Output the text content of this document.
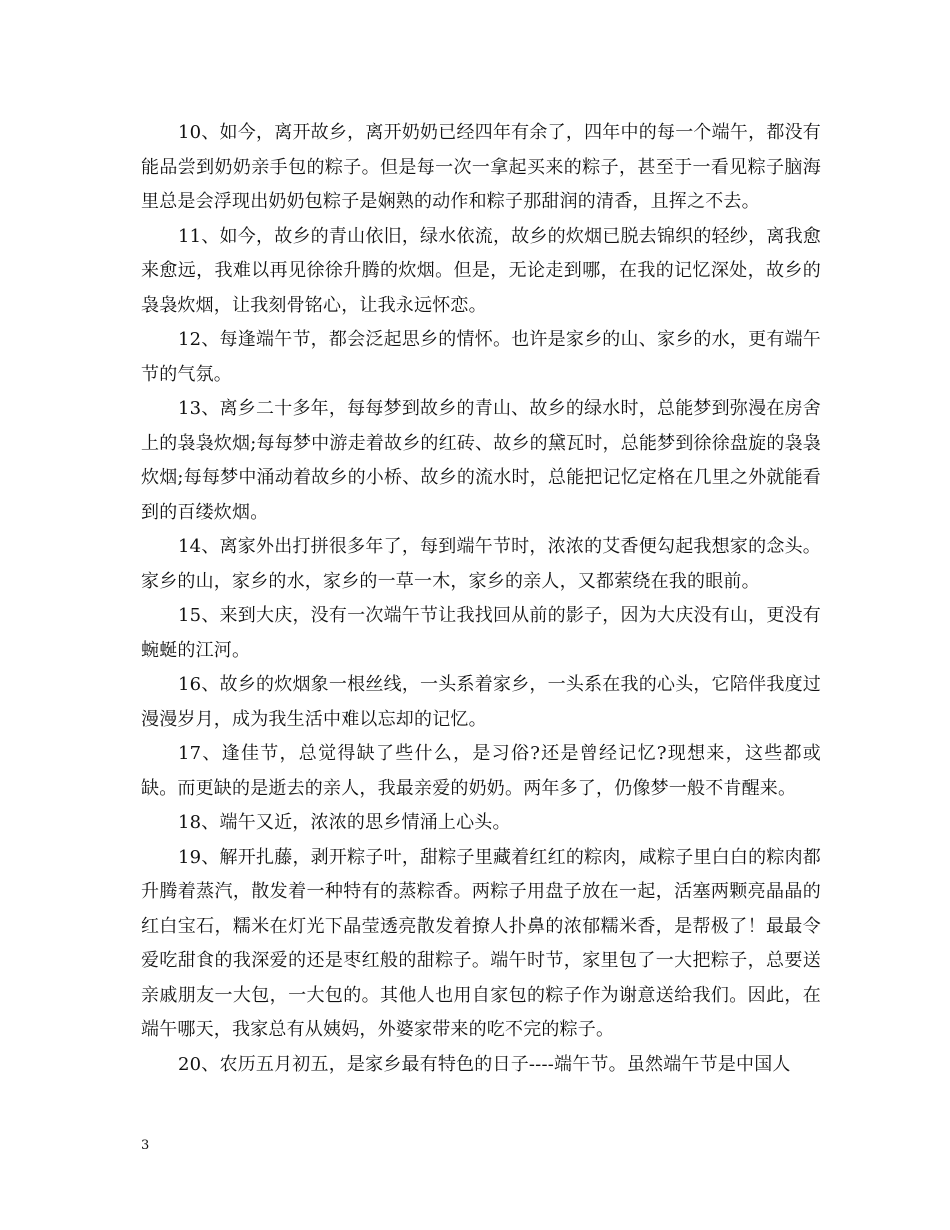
10、如今，离开故乡，离开奶奶已经四年有余了，四年中的每一个端午，都没有能品尝到奶奶亲手包的粽子。但是每一次一拿起买来的粽子，甚至于一看见粽子脑海里总是会浮现出奶奶包粽子是娴熟的动作和粽子那甜润的清香，且挥之不去。

11、如今，故乡的青山依旧，绿水依流，故乡的炊烟已脱去锦织的轻纱，离我愈来愈远，我难以再见徐徐升腾的炊烟。但是，无论走到哪，在我的记忆深处，故乡的袅袅炊烟，让我刻骨铭心，让我永远怀恋。

12、每逢端午节，都会泛起思乡的情怀。也许是家乡的山、家乡的水，更有端午节的气氛。

13、离乡二十多年，每每梦到故乡的青山、故乡的绿水时，总能梦到弥漫在房舍上的袅袅炊烟;每每梦中游走着故乡的红砖、故乡的黛瓦时，总能梦到徐徐盘旋的袅袅炊烟;每每梦中涌动着故乡的小桥、故乡的流水时，总能把记忆定格在几里之外就能看到的百缕炊烟。

14、离家外出打拼很多年了，每到端午节时，浓浓的艾香便勾起我想家的念头。家乡的山，家乡的水，家乡的一草一木，家乡的亲人，又都萦绕在我的眼前。

15、来到大庆，没有一次端午节让我找回从前的影子，因为大庆没有山，更没有蜿蜒的江河。

16、故乡的炊烟象一根丝线，一头系着家乡，一头系在我的心头，它陪伴我度过漫漫岁月，成为我生活中难以忘却的记忆。

17、逢佳节，总觉得缺了些什么，是习俗?还是曾经记忆?现想来，这些都或缺。而更缺的是逝去的亲人，我最亲爱的奶奶。两年多了，仍像梦一般不肯醒来。

18、端午又近，浓浓的思乡情涌上心头。

19、解开扎藤，剥开粽子叶，甜粽子里藏着红红的粽肉，咸粽子里白白的粽肉都升腾着蒸汽，散发着一种特有的蒸粽香。两粽子用盘子放在一起，活塞两颗亮晶晶的红白宝石，糯米在灯光下晶莹透亮散发着撩人扑鼻的浓郁糯米香，是帮极了！最最令爱吃甜食的我深爱的还是枣红般的甜粽子。端午时节，家里包了一大把粽子，总要送亲戚朋友一大包，一大包的。其他人也用自家包的粽子作为谢意送给我们。因此，在端午哪天，我家总有从姨妈，外婆家带来的吃不完的粽子。

20、农历五月初五，是家乡最有特色的日子----端午节。虽然端午节是中国人

3
